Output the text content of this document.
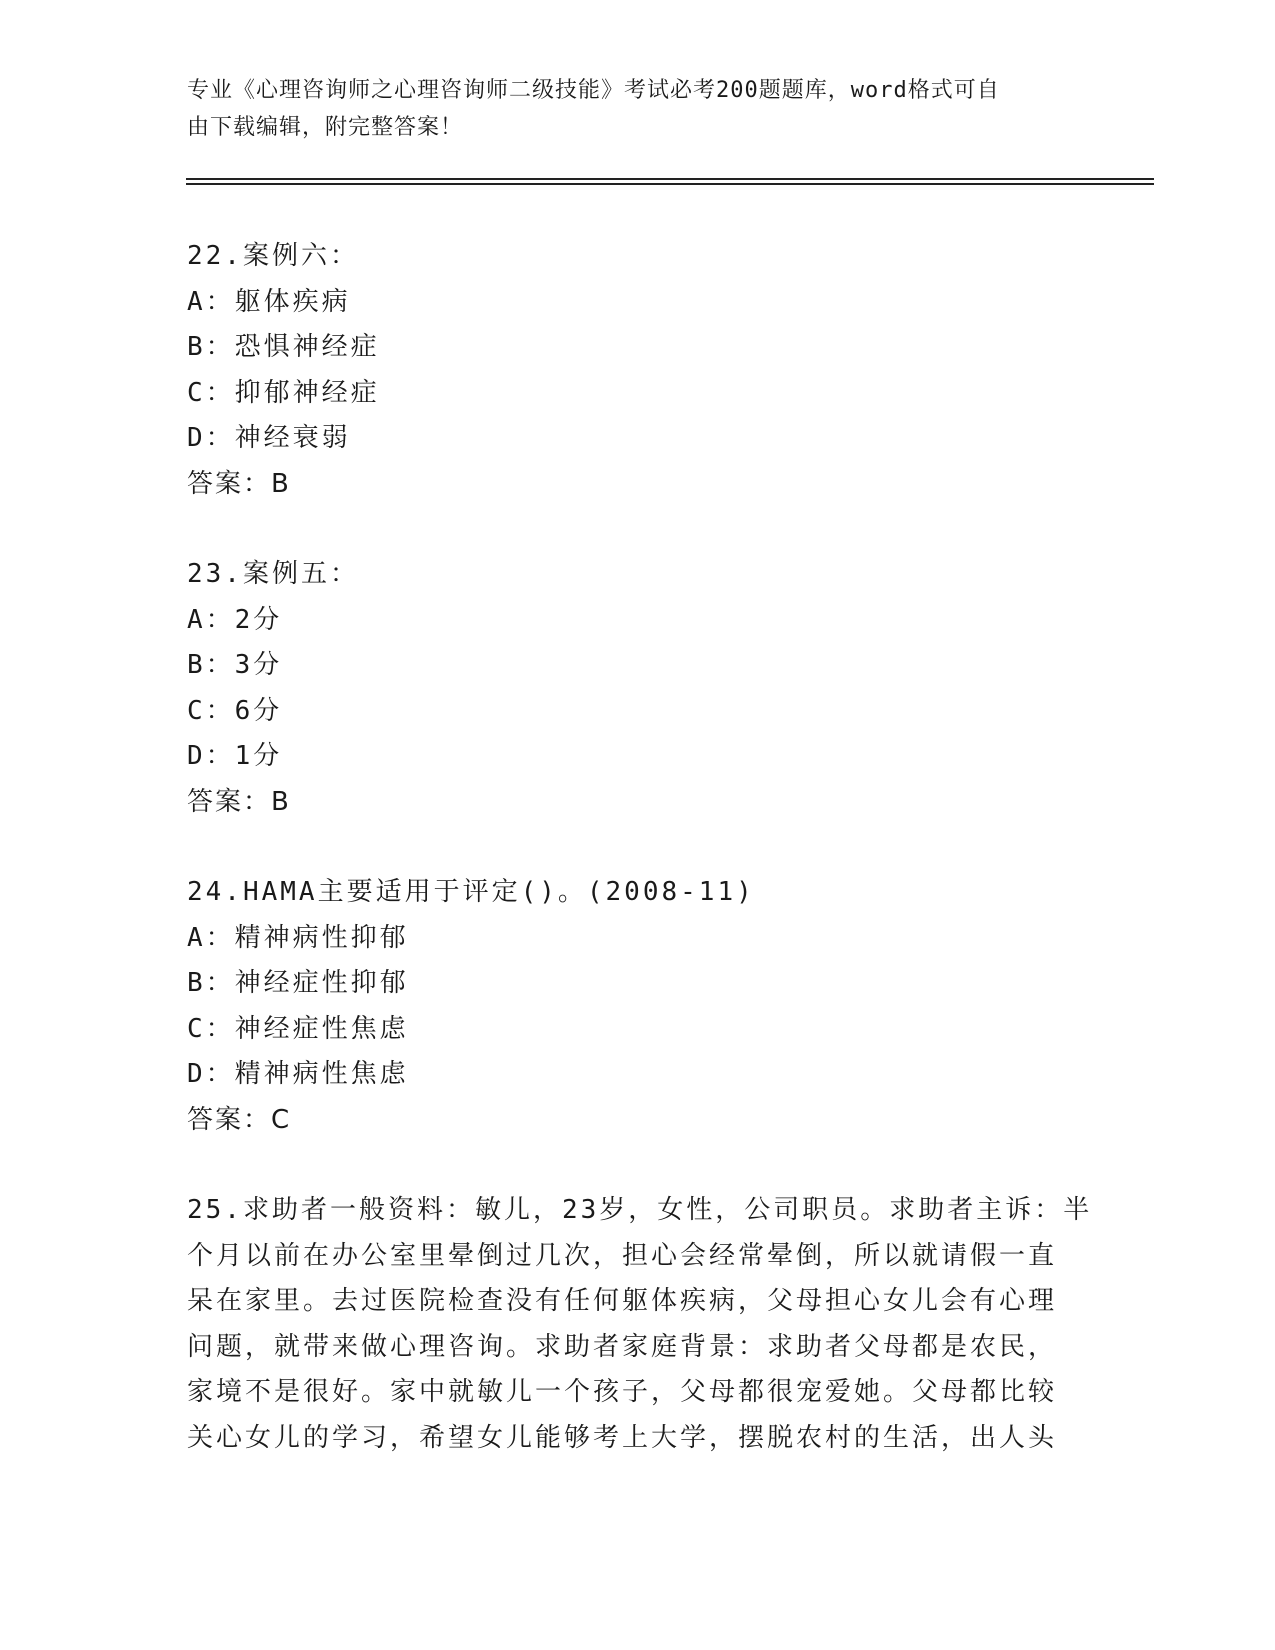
专业《心理咨询师之心理咨询师二级技能》考试必考200题题库，word格式可自
由下载编辑，附完整答案！
22.案例六：
A：躯体疾病
B：恐惧神经症
C：抑郁神经症
D：神经衰弱
答案：B
23.案例五：
A：2分
B：3分
C：6分
D：1分
答案：B
24.HAMA主要适用于评定()。(2008-11)
A：精神病性抑郁
B：神经症性抑郁
C：神经症性焦虑
D：精神病性焦虑
答案：C
25.求助者一般资料：敏儿，23岁，女性，公司职员。求助者主诉：半
个月以前在办公室里晕倒过几次，担心会经常晕倒，所以就请假一直
呆在家里。去过医院检查没有任何躯体疾病，父母担心女儿会有心理
问题，就带来做心理咨询。求助者家庭背景：求助者父母都是农民，
家境不是很好。家中就敏儿一个孩子，父母都很宠爱她。父母都比较
关心女儿的学习，希望女儿能够考上大学，摆脱农村的生活，出人头
